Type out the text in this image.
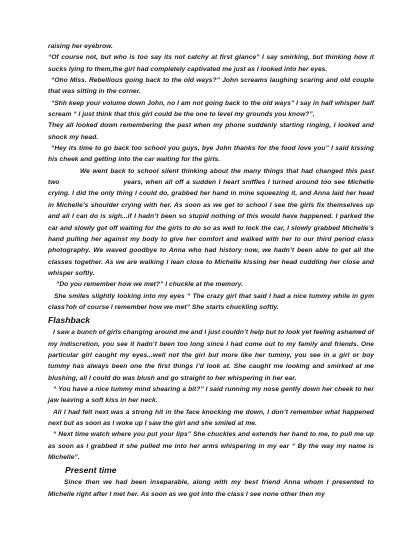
raising her eyebrow.

“Of course not, but who is too say its not catchy at first glance” I say smirking, but thinking how it sucks lying to them,the girl had completely captivated me just as I looked into her eyes.

“Oho Miss. Rebellious going back to the old ways?” John screams laughing scaring and old couple that was sitting in the corner.

“Shh keep your volume down John, no I am not going back to the old ways” I say in half whisper half scream “ I just think that this girl could be the one to level my grounds you know?”.

They all looked down remembering the past when my phone suddenly starting ringing, I looked and shock my head.

“Hey its time to go back too school you guys, bye John thanks for the food love you” I said kissing his cheek and getting into the car waiting for the girls.

We went back to school silent thinking about the many things that had changed this past two	years, when all off a sudden I heart sniffles I turned around too see Michelle crying. I did the only thing I could do, grabbed her hand in mine squeezing it, and Anna laid her head in Michelle’s shoulder crying with her. As soon as we get to school I see the girls fix themselves up and all I can do is sigh...if I hadn’t been so stupid nothing of this would have happened. I parked the car and slowly got off waiting for the girls to do so as well to lock the car, I slowly grabbed Michelle’s hand pulling her against my body to give her comfort and walked with her to our third period class photography. We waved goodbye to Anna who had history now, we hadn’t been able to get all the classes together. As we are walking I lean close to Michelle kissing her head cuddling her close and whisper softly.

“Do you remember how we met?” I chuckle at the memory.

She smiles slightly looking into my eyes “ The crazy girl that said I had a nice tummy while in gym class?oh of course I remember how we met” She starts chuckling softly.

Flashback

I saw a bunch of girls changing around me and I just couldn’t help but to look yet feeling ashamed of my indiscretion, you see it hadn’t been too long since I had come out to my family and friends. One particular girl caught my eyes...well not the girl but more like her tummy, you see in a girl or boy tummy has always been one the first things I’d look at. She caught me looking and smirked at me blushing, all I could do was blush and go straight to her whispering in her ear.

“ You have a nice tummy mind shearing a bit?” I said running my nose gently down her cheek to her jaw leaving a soft kiss in her neck.

All I had felt next was a strong hit in the face knocking me down, I don’t remember what happened next but as soon as I woke up I saw the girl and she smiled at me.

“ Next time watch where you put your lips” She chuckles and extends her hand to me, to pull me up as soon as I grabbed it she pulled me into her arms whispering in my ear “ By the way my name is Michelle”.

Present time

Since then we had been inseparable, along with my best friend Anna whom I presented to Michelle right after I met her. As soon as we got into the class I see none other then my
